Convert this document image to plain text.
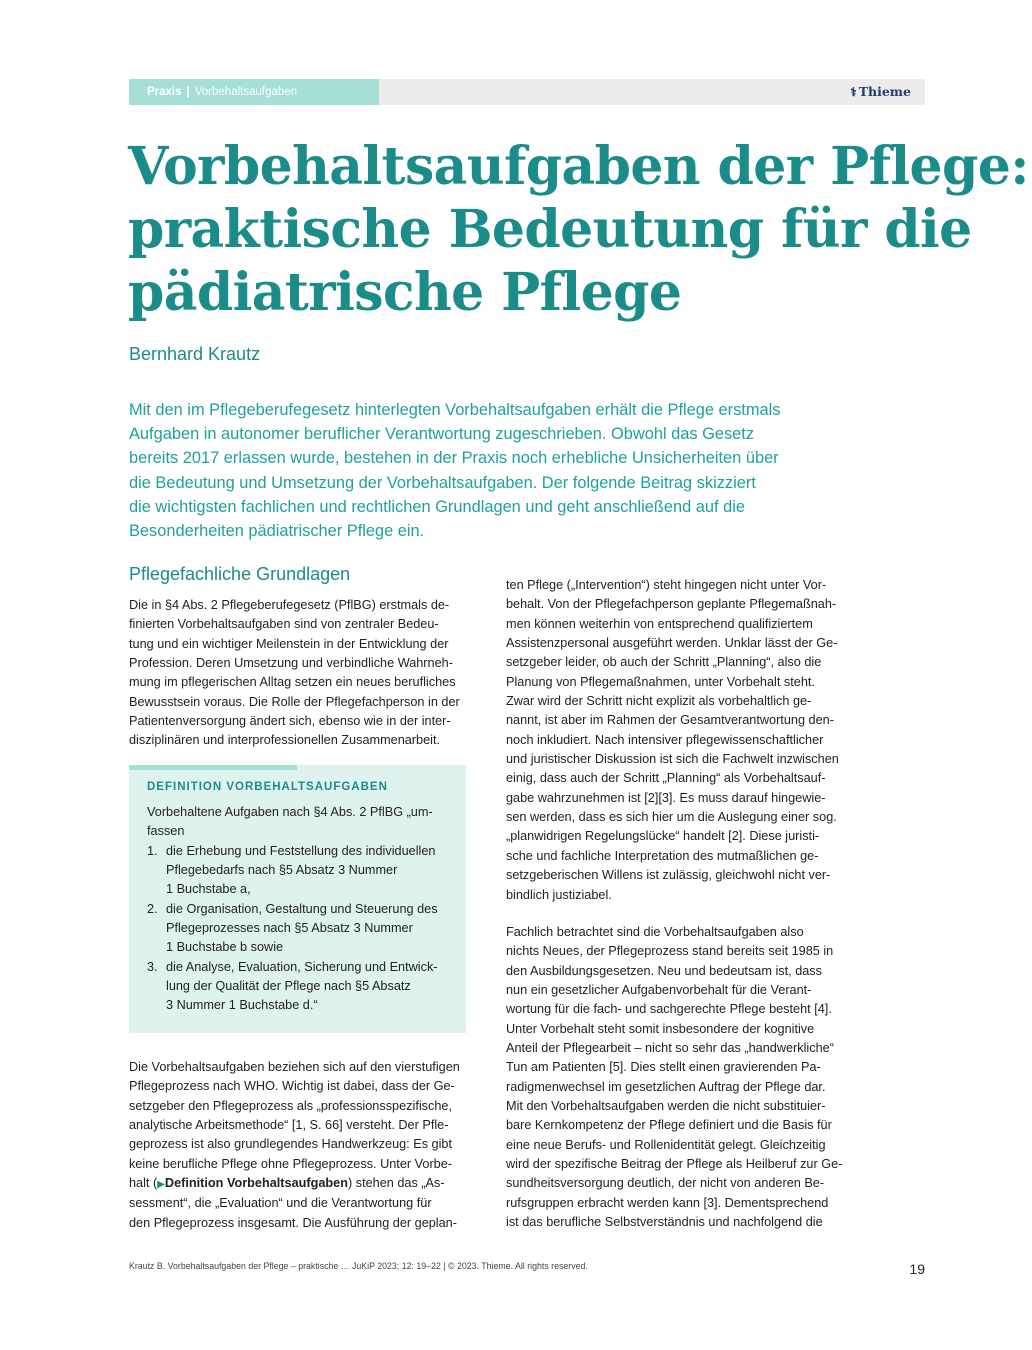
Praxis | Vorbehaltsaufgaben	⚕ Thieme
Vorbehaltsaufgaben der Pflege:
praktische Bedeutung für die
pädiatrische Pflege
Bernhard Krautz
Mit den im Pflegeberufegesetz hinterlegten Vorbehaltsaufgaben erhält die Pflege erstmals
Aufgaben in autonomer beruflicher Verantwortung zugeschrieben. Obwohl das Gesetz
bereits 2017 erlassen wurde, bestehen in der Praxis noch erhebliche Unsicherheiten über
die Bedeutung und Umsetzung der Vorbehaltsaufgaben. Der folgende Beitrag skizziert
die wichtigsten fachlichen und rechtlichen Grundlagen und geht anschließend auf die
Besonderheiten pädiatrischer Pflege ein.
Pflegefachliche Grundlagen
Die in §4 Abs. 2 Pflegeberufegesetz (PflBG) erstmals de-
finierten Vorbehaltsaufgaben sind von zentraler Bedeu-
tung und ein wichtiger Meilenstein in der Entwicklung der
Profession. Deren Umsetzung und verbindliche Wahrneh-
mung im pflegerischen Alltag setzen ein neues berufliches
Bewusstsein voraus. Die Rolle der Pflegefachperson in der
Patientenversorgung ändert sich, ebenso wie in der inter-
disziplinären und interprofessionellen Zusammenarbeit.
DEFINITION VORBEHALTSAUFGABEN
Vorbehaltene Aufgaben nach §4 Abs. 2 PflBG „um-
fassen
1. die Erhebung und Feststellung des individuellen
Pflegebedarfs nach §5 Absatz 3 Nummer
1 Buchstabe a,
2. die Organisation, Gestaltung und Steuerung des
Pflegeprozesses nach §5 Absatz 3 Nummer
1 Buchstabe b sowie
3. die Analyse, Evaluation, Sicherung und Entwick-
lung der Qualität der Pflege nach §5 Absatz
3 Nummer 1 Buchstabe d.“
Die Vorbehaltsaufgaben beziehen sich auf den vierstufigen
Pflegeprozess nach WHO. Wichtig ist dabei, dass der Ge-
setzgeber den Pflegeprozess als „professionsspezifische,
analytische Arbeitsmethode“ [1, S. 66] versteht. Der Pfle-
geprozess ist also grundlegendes Handwerkzeug: Es gibt
keine berufliche Pflege ohne Pflegeprozess. Unter Vorbe-
halt (▶Definition Vorbehaltsaufgaben) stehen das „As-
sessment“, die „Evaluation“ und die Verantwortung für
den Pflegeprozess insgesamt. Die Ausführung der geplan-
ten Pflege („Intervention“) steht hingegen nicht unter Vor-
behalt. Von der Pflegefachperson geplante Pflegemaßnah-
men können weiterhin von entsprechend qualifiziertem
Assistenzpersonal ausgeführt werden. Unklar lässt der Ge-
setzgeber leider, ob auch der Schritt „Planning“, also die
Planung von Pflegemaßnahmen, unter Vorbehalt steht.
Zwar wird der Schritt nicht explizit als vorbehaltlich ge-
nannt, ist aber im Rahmen der Gesamtverantwortung den-
noch inkludiert. Nach intensiver pflegewissenschaftlicher
und juristischer Diskussion ist sich die Fachwelt inzwischen
einig, dass auch der Schritt „Planning“ als Vorbehaltsauf-
gabe wahrzunehmen ist [2][3]. Es muss darauf hingewie-
sen werden, dass es sich hier um die Auslegung einer sog.
„planwidrigen Regelungslücke“ handelt [2]. Diese juristi-
sche und fachliche Interpretation des mutmaßlichen ge-
setzgeberischen Willens ist zulässig, gleichwohl nicht ver-
bindlich justiziabel.
Fachlich betrachtet sind die Vorbehaltsaufgaben also
nichts Neues, der Pflegeprozess stand bereits seit 1985 in
den Ausbildungsgesetzen. Neu und bedeutsam ist, dass
nun ein gesetzlicher Aufgabenvorbehalt für die Verant-
wortung für die fach- und sachgerechte Pflege besteht [4].
Unter Vorbehalt steht somit insbesondere der kognitive
Anteil der Pflegearbeit – nicht so sehr das „handwerkliche“
Tun am Patienten [5]. Dies stellt einen gravierenden Pa-
radigmenwechsel im gesetzlichen Auftrag der Pflege dar.
Mit den Vorbehaltsaufgaben werden die nicht substituier-
bare Kernkompetenz der Pflege definiert und die Basis für
eine neue Berufs- und Rollenidentität gelegt. Gleichzeitig
wird der spezifische Beitrag der Pflege als Heilberuf zur Ge-
sundheitsversorgung deutlich, der nicht von anderen Be-
rufsgruppen erbracht werden kann [3]. Dementsprechend
ist das berufliche Selbstverständnis und nachfolgend die
Krautz B. Vorbehaltsaufgaben der Pflege – praktische … JuKiP 2023; 12: 19–22 | © 2023. Thieme. All rights reserved.	19
